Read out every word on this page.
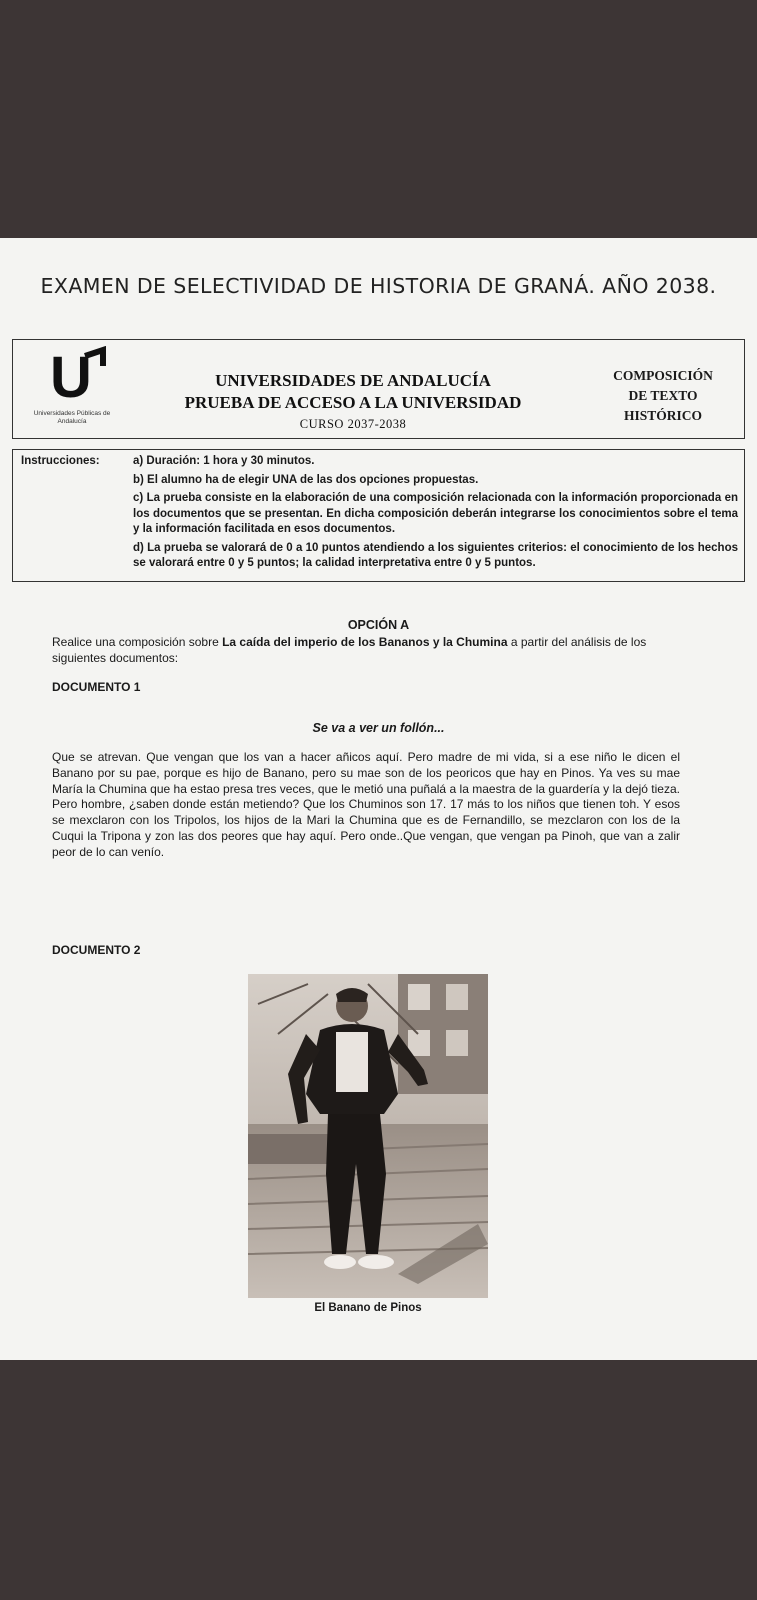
EXAMEN DE SELECTIVIDAD DE HISTORIA DE GRANÁ. AÑO 2038.
U
Universidades Públicas de Andalucía
UNIVERSIDADES DE ANDALUCÍA
PRUEBA DE ACCESO A LA UNIVERSIDAD
CURSO 2037-2038
COMPOSICIÓN
DE TEXTO
HISTÓRICO
Instrucciones:	a) Duración: 1 hora y 30 minutos.
b) El alumno ha de elegir UNA de las dos opciones propuestas.
c) La prueba consiste en la elaboración de una composición relacionada con la información proporcionada en los documentos que se presentan. En dicha composición deberán integrarse los conocimientos sobre el tema y la información facilitada en esos documentos.
d) La prueba se valorará de 0 a 10 puntos atendiendo a los siguientes criterios: el conocimiento de los hechos se valorará entre 0 y 5 puntos; la calidad interpretativa entre 0 y 5 puntos.
OPCIÓN A
Realice una composición sobre La caída del imperio de los Bananos y la Chumina a partir del análisis de los siguientes documentos:
DOCUMENTO 1
Se va a ver un follón...
Que se atrevan. Que vengan que los van a hacer añicos aquí. Pero madre de mi vida, si a ese niño le dicen el Banano por su pae, porque es hijo de Banano, pero su mae son de los peoricos que hay en Pinos. Ya ves su mae María la Chumina que ha estao presa tres veces, que le metió una puñalá a la maestra de la guardería y la dejó tieza. Pero hombre, ¿saben donde están metiendo? Que los Chuminos son 17. 17 más to los niños que tienen toh. Y esos se mexclaron con los Tripolos, los hijos de la Mari la Chumina que es de Fernandillo, se mezclaron con los de la Cuqui la Tripona y zon las dos peores que hay aquí. Pero onde..Que vengan, que vengan pa Pinoh, que van a zalir peor de lo can venío.
DOCUMENTO 2
El Banano de Pinos
